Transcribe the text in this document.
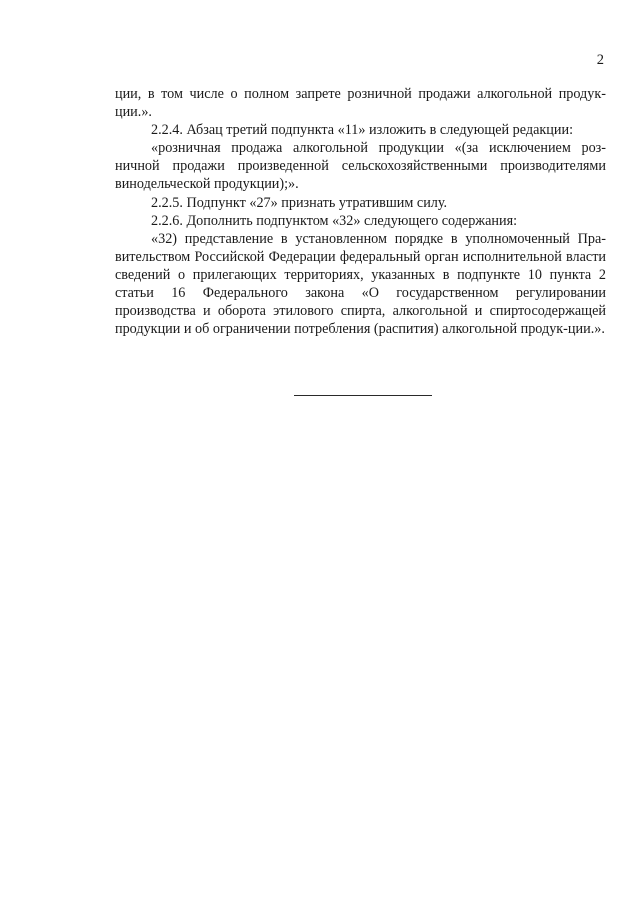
2

ции, в том числе о полном запрете розничной продажи алкогольной продук-ции.».

2.2.4. Абзац третий подпункта «11» изложить в следующей редакции:

«розничная продажа алкогольной продукции «(за исключением роз-ничной продажи произведенной сельскохозяйственными производителями винодельческой продукции);».

2.2.5. Подпункт «27» признать утратившим силу.

2.2.6. Дополнить подпунктом «32» следующего содержания:

«32) представление в установленном порядке в уполномоченный Пра-вительством Российской Федерации федеральный орган исполнительной власти сведений о прилегающих территориях, указанных в подпункте 10 пункта 2 статьи 16 Федерального закона «О государственном регулировании производства и оборота этилового спирта, алкогольной и спиртосодержащей продукции и об ограничении потребления (распития) алкогольной продук-ции.».
